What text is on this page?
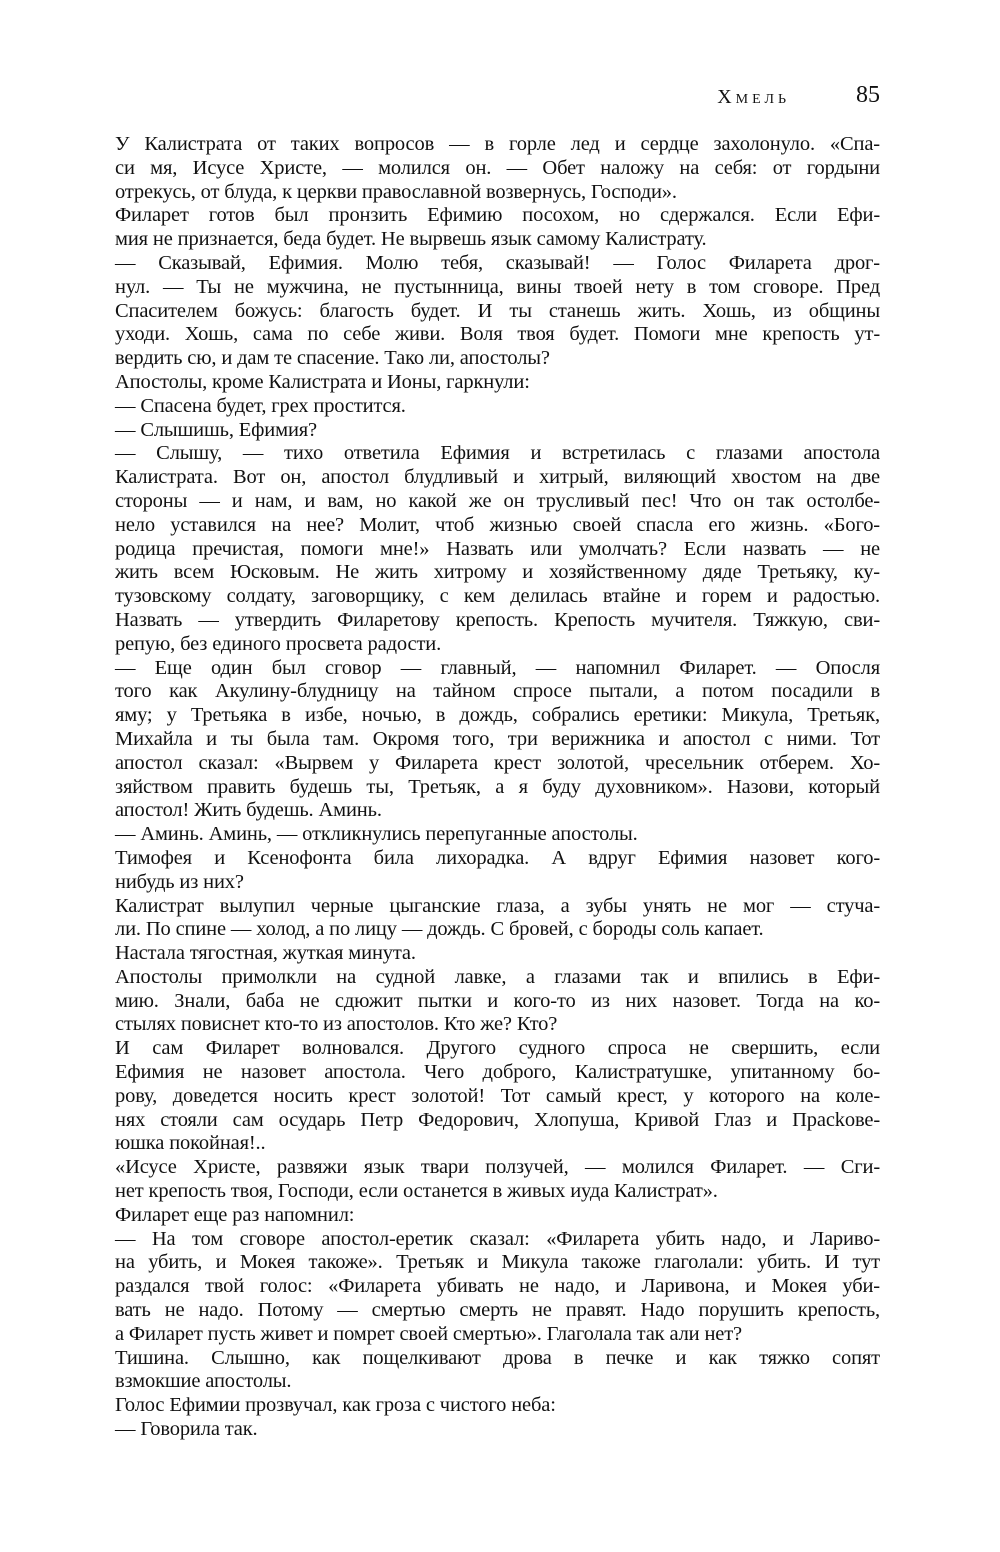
Хмель	85
У Калистрата от таких вопросов — в горле лед и сердце захолонуло. «Спа-
си мя, Исусе Христе, — молился он. — Обет наложу на себя: от гордыни
отрекусь, от блуда, к церкви православной возвернусь, Господи».
Филарет готов был пронзить Ефимию посохом, но сдержался. Если Ефи-
мия не признается, беда будет. Не вырвешь язык самому Калистрату.
— Сказывай, Ефимия. Молю тебя, сказывай! — Голос Филарета дрог-
нул. — Ты не мужчина, не пустынница, вины твоей нету в том сговоре. Пред
Спасителем божусь: благость будет. И ты станешь жить. Хошь, из общины
уходи. Хошь, сама по себе живи. Воля твоя будет. Помоги мне крепость ут-
вердить сю, и дам те спасение. Тако ли, апостолы?
Апостолы, кроме Калистрата и Ионы, гаркнули:
— Спасена будет, грех простится.
— Слышишь, Ефимия?
— Слышу, — тихо ответила Ефимия и встретилась с глазами апостола
Калистрата. Вот он, апостол блудливый и хитрый, виляющий хвостом на две
стороны — и нам, и вам, но какой же он трусливый пес! Что он так остолбе-
нело уставился на нее? Молит, чтоб жизнью своей спасла его жизнь. «Бого-
родица пречистая, помоги мне!» Назвать или умолчать? Если назвать — не
жить всем Юсковым. Не жить хитрому и хозяйственному дяде Третьяку, ку-
тузовскому солдату, заговорщику, с кем делилась втайне и горем и радостью.
Назвать — утвердить Филаретову крепость. Крепость мучителя. Тяжкую, сви-
репую, без единого просвета радости.
— Еще один был сговор — главный, — напомнил Филарет. — Опосля
того как Акулину-блудницу на тайном спросе пытали, а потом посадили в
яму; у Третьяка в избе, ночью, в дождь, собрались еретики: Микула, Третьяк,
Михайла и ты была там. Окромя того, три верижника и апостол с ними. Тот
апостол сказал: «Вырвем у Филарета крест золотой, чресельник отберем. Хо-
зяйством править будешь ты, Третьяк, а я буду духовником». Назови, который
апостол! Жить будешь. Аминь.
— Аминь. Аминь, — откликнулись перепуганные апостолы.
Тимофея и Ксенофонта била лихорадка. А вдруг Ефимия назовет кого-
нибудь из них?
Калистрат вылупил черные цыганские глаза, а зубы унять не мог — стуча-
ли. По спине — холод, а по лицу — дождь. С бровей, с бороды соль капает.
Настала тягостная, жуткая минута.
Апостолы примолкли на судной лавке, а глазами так и впились в Ефи-
мию. Знали, баба не сдюжит пытки и кого-то из них назовет. Тогда на ко-
стылях повиснет кто-то из апостолов. Кто же? Кто?
И сам Филарет волновался. Другого судного спроса не свершить, если
Ефимия не назовет апостола. Чего доброго, Калистратушке, упитанному бо-
рову, доведется носить крест золотой! Тот самый крест, у которого на коле-
нях стояли сам осударь Петр Федорович, Хлопуша, Кривой Глаз и Прасkове-
юшка покойная!..
«Исусе Христе, развяжи язык твари ползучей, — молился Филарет. — Сги-
нет крепость твоя, Господи, если останется в живых иуда Калистрат».
Филарет еще раз напомнил:
— На том сговоре апостол-еретик сказал: «Филарета убить надо, и Лариво-
на убить, и Мокея такоже». Третьяк и Микула такоже глаголали: убить. И тут
раздался твой голос: «Филарета убивать не надо, и Ларивона, и Мокея уби-
вать не надо. Потому — смертью смерть не правят. Надо порушить крепость,
а Филарет пусть живет и помрет своей смертью». Глаголала так али нет?
Тишина. Слышно, как пощелкивают дрова в печке и как тяжко сопят
взмокшие апостолы.
Голос Ефимии прозвучал, как гроза с чистого неба:
— Говорила так.
